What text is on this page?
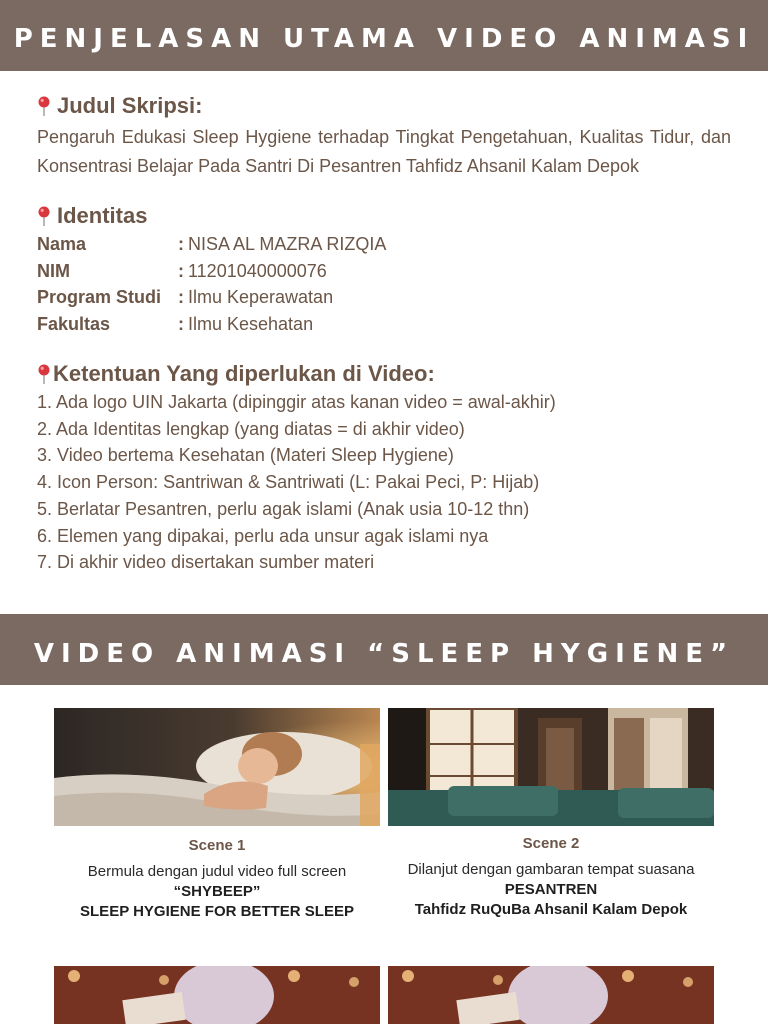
PENJELASAN UTAMA VIDEO ANIMASI SKRIPSI
Judul Skripsi:
Pengaruh Edukasi Sleep Hygiene terhadap Tingkat Pengetahuan, Kualitas Tidur, dan Konsentrasi Belajar Pada Santri Di Pesantren Tahfidz Ahsanil Kalam Depok
Identitas
Nama	: NISA AL MAZRA RIZQIA
NIM	: 11201040000076
Program Studi : Ilmu Keperawatan
Fakultas	: Ilmu Kesehatan
Ketentuan Yang diperlukan di Video:
1. Ada logo UIN Jakarta (dipinggir atas kanan video = awal-akhir)
2. Ada Identitas lengkap (yang diatas = di akhir video)
3. Video bertema Kesehatan (Materi Sleep Hygiene)
4. Icon Person: Santriwan & Santriwati (L: Pakai Peci, P: Hijab)
5. Berlatar Pesantren, perlu agak islami (Anak usia 10-12 thn)
6. Elemen yang dipakai, perlu ada unsur agak islami nya
7. Di akhir video disertakan sumber materi
VIDEO ANIMASI “SLEEP HYGIENE”
Scene 1
Bermula dengan judul video full screen
“SHYBEEP”
SLEEP HYGIENE FOR BETTER SLEEP
Scene 2
Dilanjut dengan gambaran tempat suasana
PESANTREN
Tahfidz RuQuBa Ahsanil Kalam Depok
